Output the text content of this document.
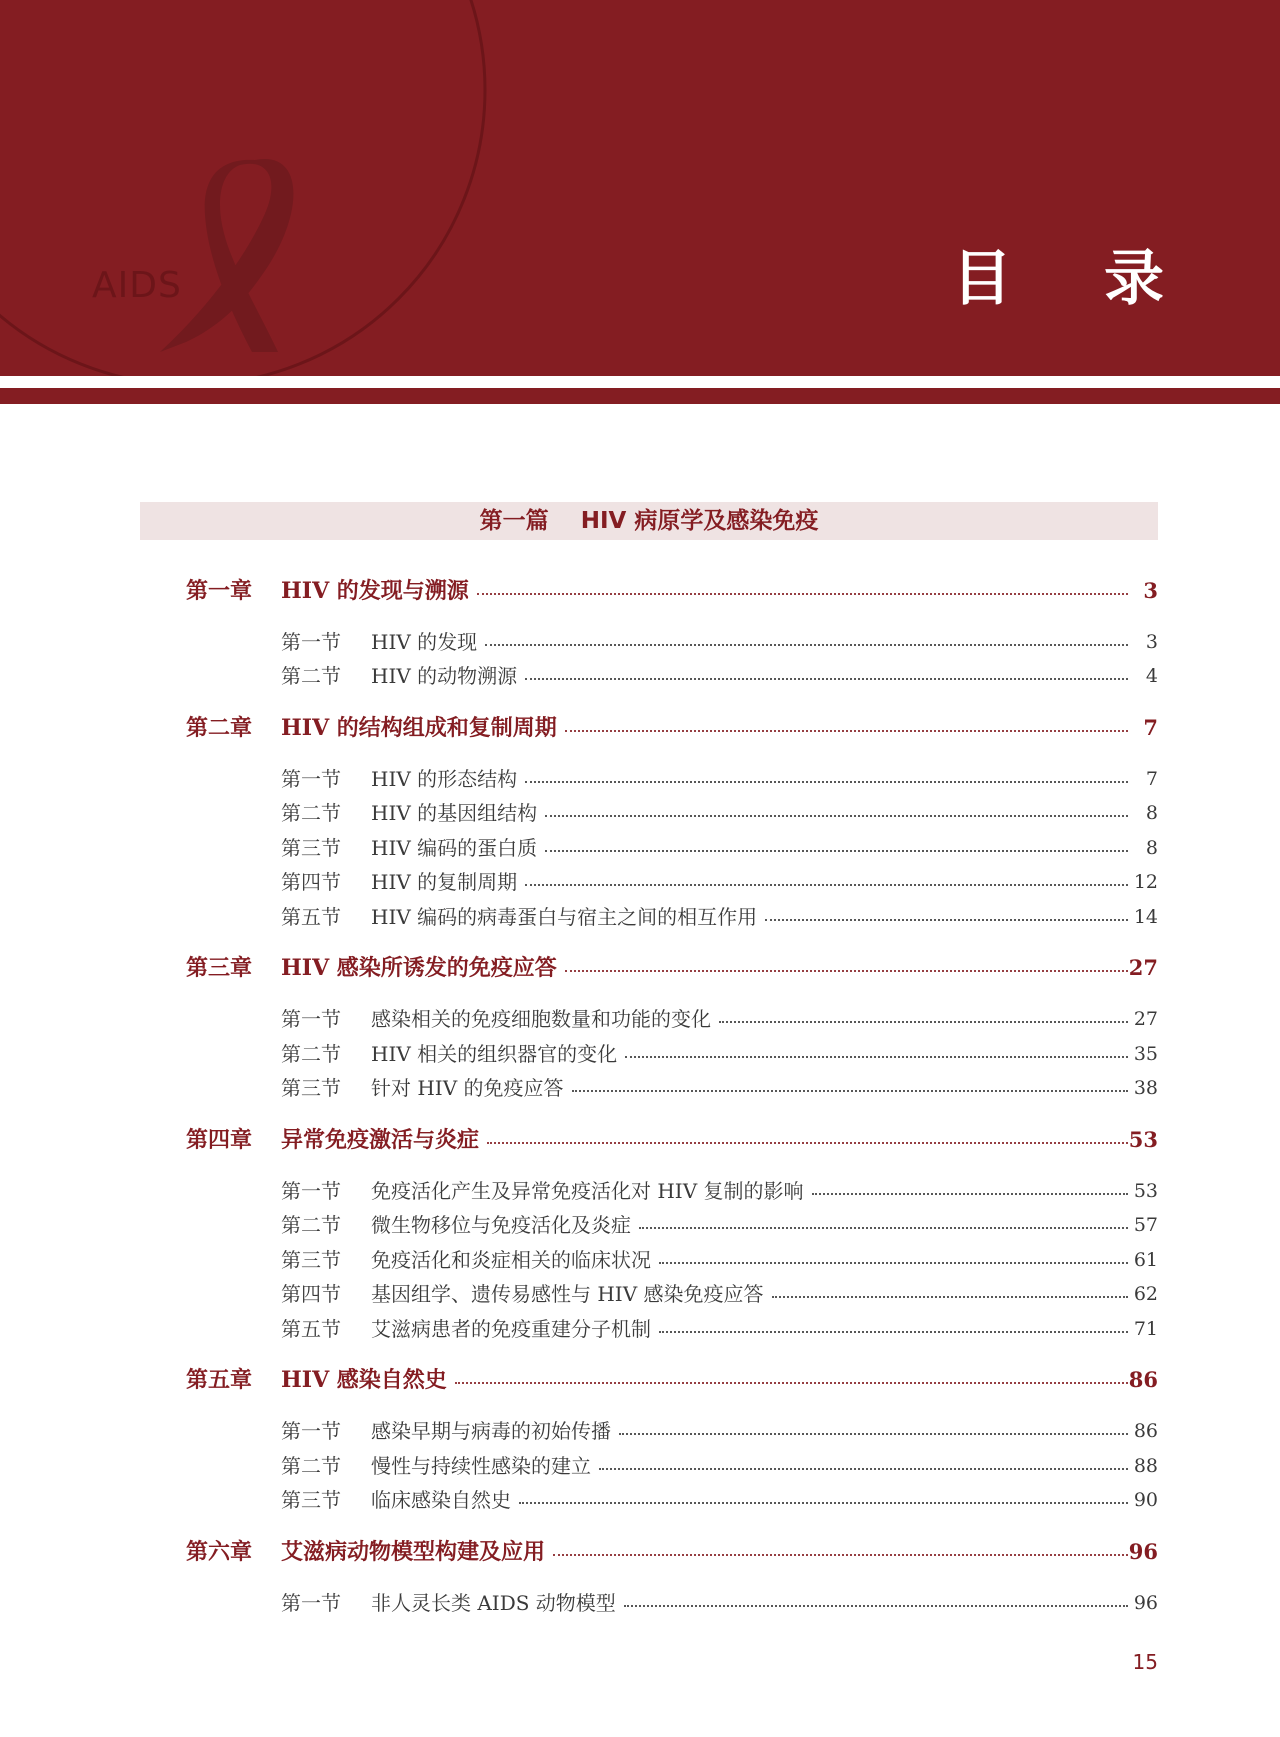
AIDS	目 录
第一篇 HIV 病原学及感染免疫
第一章 HIV 的发现与溯源	3
第一节 HIV 的发现	3
第二节 HIV 的动物溯源	4
第二章 HIV 的结构组成和复制周期	7
第一节 HIV 的形态结构	7
第二节 HIV 的基因组结构	8
第三节 HIV 编码的蛋白质	8
第四节 HIV 的复制周期	12
第五节 HIV 编码的病毒蛋白与宿主之间的相互作用	14
第三章 HIV 感染所诱发的免疫应答	27
第一节 感染相关的免疫细胞数量和功能的变化	27
第二节 HIV 相关的组织器官的变化	35
第三节 针对 HIV 的免疫应答	38
第四章 异常免疫激活与炎症	53
第一节 免疫活化产生及异常免疫活化对 HIV 复制的影响	53
第二节 微生物移位与免疫活化及炎症	57
第三节 免疫活化和炎症相关的临床状况	61
第四节 基因组学、遗传易感性与 HIV 感染免疫应答	62
第五节 艾滋病患者的免疫重建分子机制	71
第五章 HIV 感染自然史	86
第一节 感染早期与病毒的初始传播	86
第二节 慢性与持续性感染的建立	88
第三节 临床感染自然史	90
第六章 艾滋病动物模型构建及应用	96
第一节 非人灵长类 AIDS 动物模型	96
15
